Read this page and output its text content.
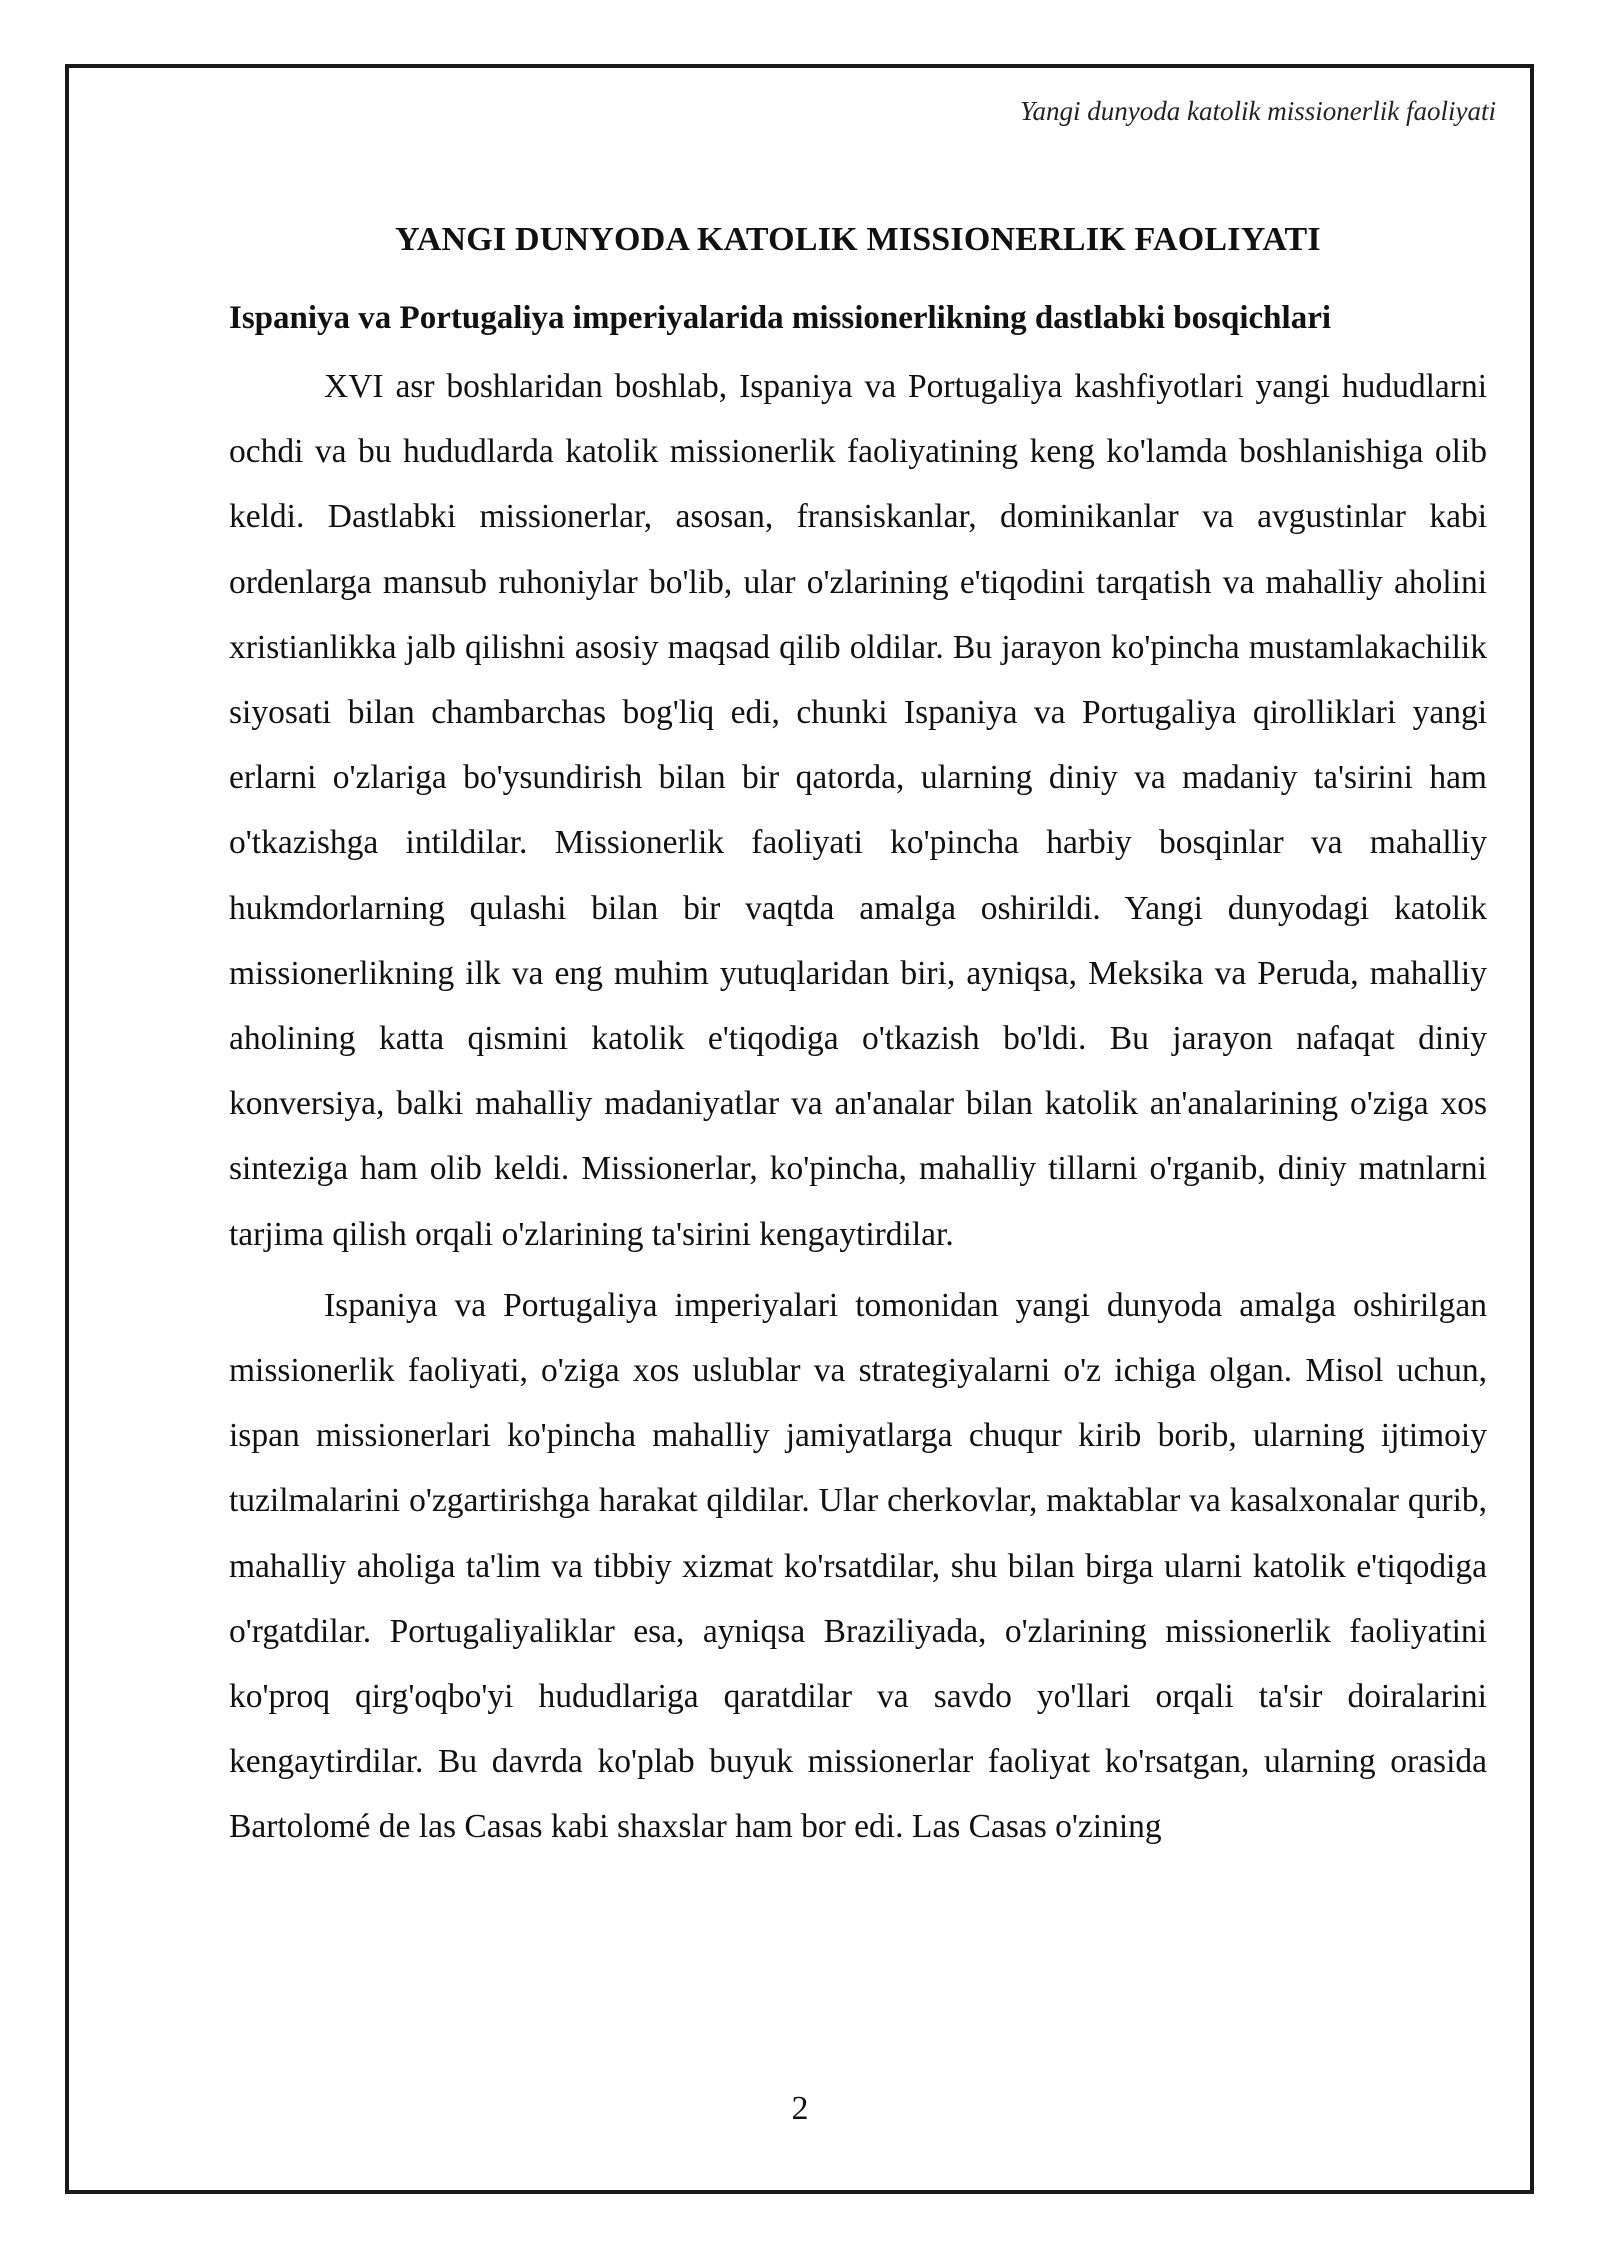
Yangi dunyoda katolik missionerlik faoliyati
YANGI DUNYODA KATOLIK MISSIONERLIK FAOLIYATI
Ispaniya va Portugaliya imperiyalarida missionerlikning dastlabki bosqichlari

XVI asr boshlaridan boshlab, Ispaniya va Portugaliya kashfiyotlari yangi hududlarni ochdi va bu hududlarda katolik missionerlik faoliyatining keng ko'lamda boshlanishiga olib keldi. Dastlabki missionerlar, asosan, fransiskanlar, dominikanlar va avgustinlar kabi ordenlarga mansub ruhoniylar bo'lib, ular o'zlarining e'tiqodini tarqatish va mahalliy aholini xristianlikka jalb qilishni asosiy maqsad qilib oldilar. Bu jarayon ko'pincha mustamlakachilik siyosati bilan chambarchas bog'liq edi, chunki Ispaniya va Portugaliya qirolliklari yangi erlarni o'zlariga bo'ysundirish bilan bir qatorda, ularning diniy va madaniy ta'sirini ham o'tkazishga intildilar. Missionerlik faoliyati ko'pincha harbiy bosqinlar va mahalliy hukmdorlarning qulashi bilan bir vaqtda amalga oshirildi. Yangi dunyodagi katolik missionerlikning ilk va eng muhim yutuqlaridan biri, ayniqsa, Meksika va Peruda, mahalliy aholining katta qismini katolik e'tiqodiga o'tkazish bo'ldi. Bu jarayon nafaqat diniy konversiya, balki mahalliy madaniyatlar va an'analar bilan katolik an'analarining o'ziga xos sinteziga ham olib keldi. Missionerlar, ko'pincha, mahalliy tillarni o'rganib, diniy matnlarni tarjima qilish orqali o'zlarining ta'sirini kengaytirdilar.

Ispaniya va Portugaliya imperiyalari tomonidan yangi dunyoda amalga oshirilgan missionerlik faoliyati, o'ziga xos uslublar va strategiyalarni o'z ichiga olgan. Misol uchun, ispan missionerlari ko'pincha mahalliy jamiyatlarga chuqur kirib borib, ularning ijtimoiy tuzilmalarini o'zgartirishga harakat qildilar. Ular cherkovlar, maktablar va kasalxonalar qurib, mahalliy aholiga ta'lim va tibbiy xizmat ko'rsatdilar, shu bilan birga ularni katolik e'tiqodiga o'rgatdilar. Portugaliyaliklar esa, ayniqsa Braziliyada, o'zlarining missionerlik faoliyatini ko'proq qirg'oqbo'yi hududlariga qaratdilar va savdo yo'llari orqali ta'sir doiralarini kengaytirdilar. Bu davrda ko'plab buyuk missionerlar faoliyat ko'rsatgan, ularning orasida Bartolomé de las Casas kabi shaxslar ham bor edi. Las Casas o'zining

2
